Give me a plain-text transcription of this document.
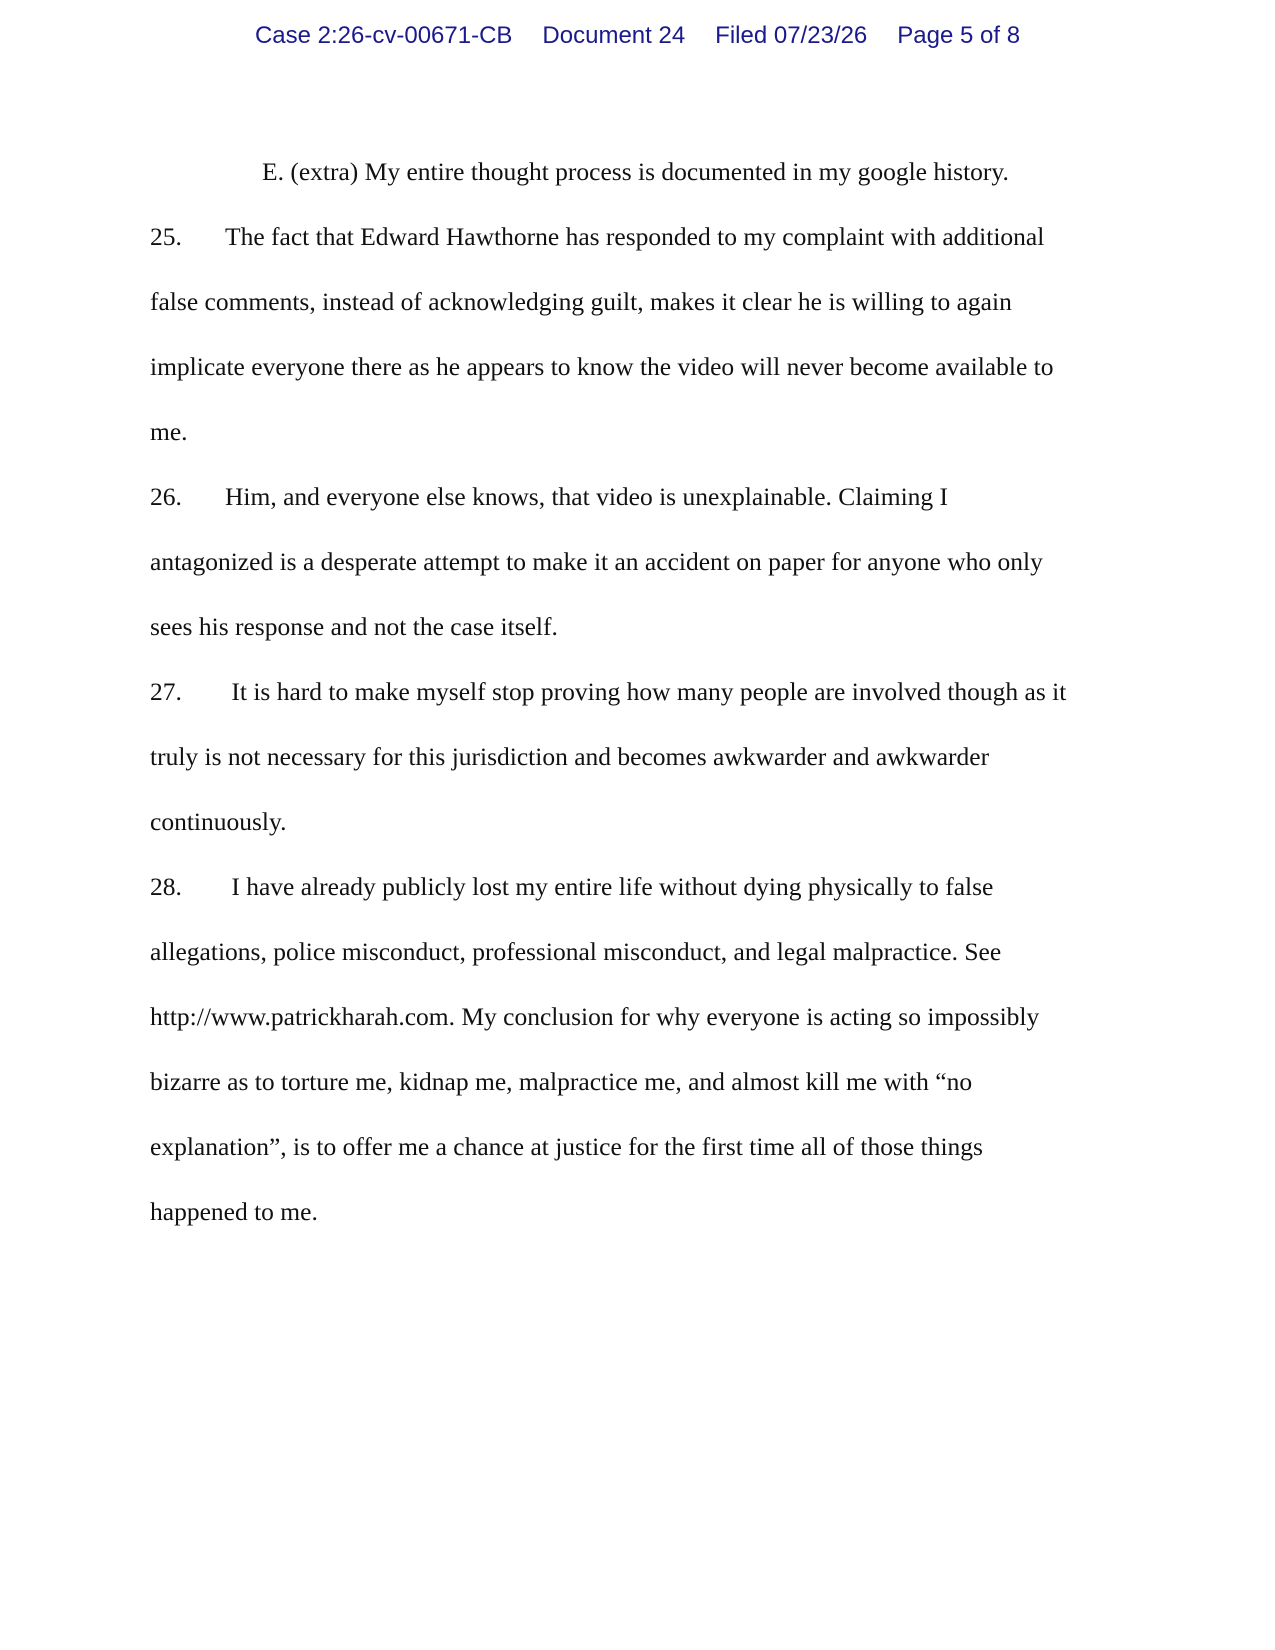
Case 2:26-cv-00671-CB Document 24 Filed 07/23/26 Page 5 of 8
E. (extra) My entire thought process is documented in my google history.
25. The fact that Edward Hawthorne has responded to my complaint with additional
false comments, instead of acknowledging guilt, makes it clear he is willing to again
implicate everyone there as he appears to know the video will never become available to
me.
26. Him, and everyone else knows, that video is unexplainable. Claiming I
antagonized is a desperate attempt to make it an accident on paper for anyone who only
sees his response and not the case itself.
27. It is hard to make myself stop proving how many people are involved though as it
truly is not necessary for this jurisdiction and becomes awkwarder and awkwarder
continuously.
28. I have already publicly lost my entire life without dying physically to false
allegations, police misconduct, professional misconduct, and legal malpractice. See
http://www.patrickharah.com. My conclusion for why everyone is acting so impossibly
bizarre as to torture me, kidnap me, malpractice me, and almost kill me with “no
explanation”, is to offer me a chance at justice for the first time all of those things
happened to me.
